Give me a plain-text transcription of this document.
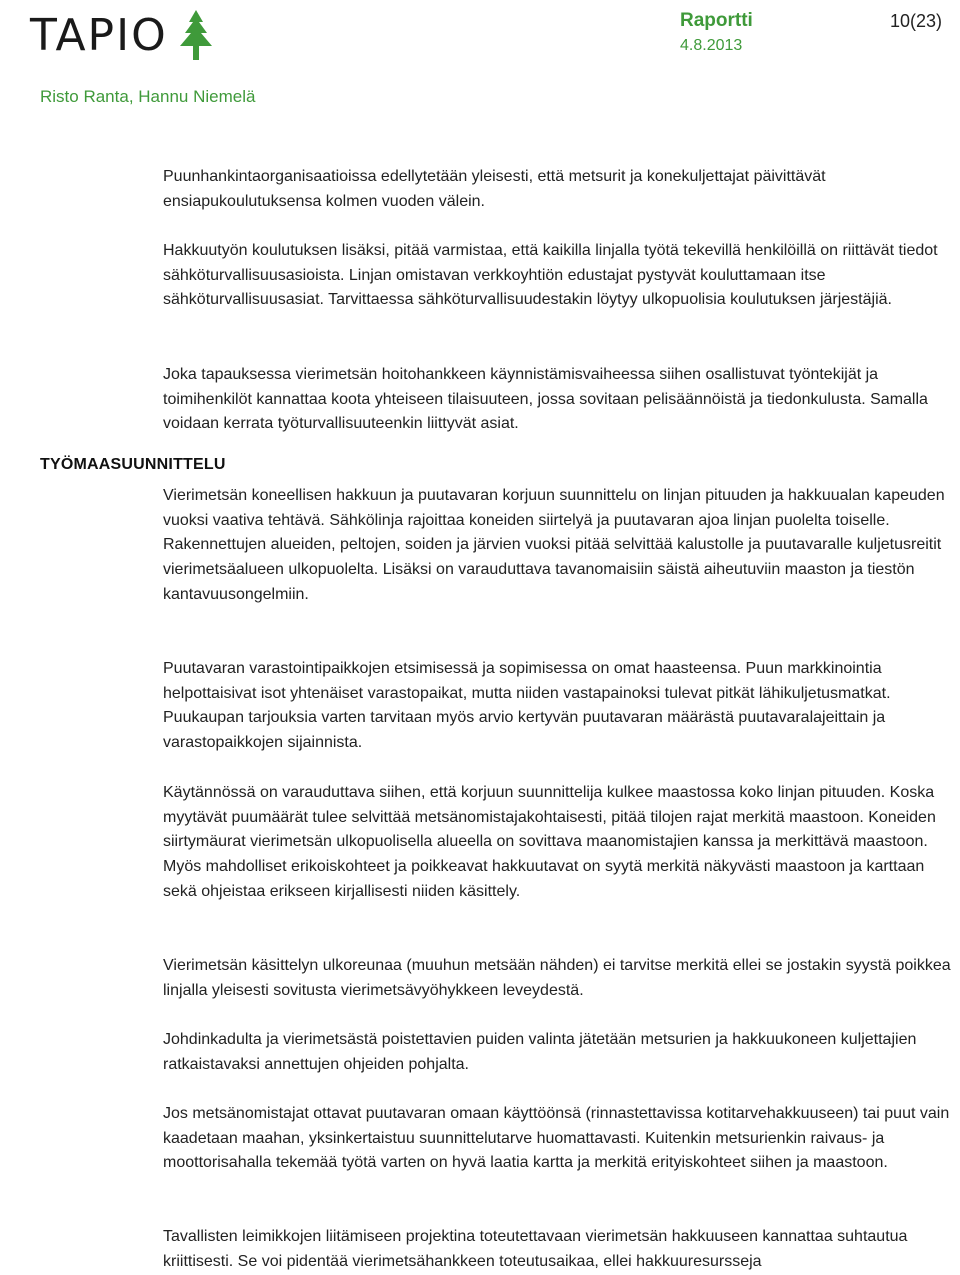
TAPIO	Raportti
4.8.2013
10(23)
Risto Ranta, Hannu Niemelä
TYÖMAASUUNNITTELU

Puunhankintaorganisaatioissa edellytetään yleisesti, että metsurit ja konekuljettajat päivittävät ensiapukoulutuksensa kolmen vuoden välein.

Hakkuutyön koulutuksen lisäksi, pitää varmistaa, että kaikilla linjalla työtä tekevillä henkilöillä on riittävät tiedot sähköturvallisuusasioista. Linjan omistavan verkkoyhtiön edustajat pystyvät kouluttamaan itse sähköturvallisuusasiat. Tarvittaessa sähköturvallisuudestakin löytyy ulkopuolisia koulutuksen järjestäjiä.

Joka tapauksessa vierimetsän hoitohankkeen käynnistämisvaiheessa siihen osallistuvat työntekijät ja toimihenkilöt kannattaa koota yhteiseen tilaisuuteen, jossa sovitaan pelisäännöistä ja tiedonkulusta. Samalla voidaan kerrata työturvallisuuteenkin liittyvät asiat.

Vierimetsän koneellisen hakkuun ja puutavaran korjuun suunnittelu on linjan pituuden ja hakkuualan kapeuden vuoksi vaativa tehtävä. Sähkölinja rajoittaa koneiden siirtelyä ja puutavaran ajoa linjan puolelta toiselle. Rakennettujen alueiden, peltojen, soiden ja järvien vuoksi pitää selvittää kalustolle ja puutavaralle kuljetusreitit vierimetsäalueen ulkopuolelta. Lisäksi on varauduttava tavanomaisiin säistä aiheutuviin maaston ja tiestön kantavuusongelmiin.

Puutavaran varastointipaikkojen etsimisessä ja sopimisessa on omat haasteensa. Puun markkinointia helpottaisivat isot yhtenäiset varastopaikat, mutta niiden vastapainoksi tulevat pitkät lähikuljetusmatkat. Puukaupan tarjouksia varten tarvitaan myös arvio kertyvän puutavaran määrästä puutavaralajeittain ja varastopaikkojen sijainnista.

Käytännössä on varauduttava siihen, että korjuun suunnittelija kulkee maastossa koko linjan pituuden. Koska myytävät puumäärät tulee selvittää metsänomistajakohtaisesti, pitää tilojen rajat merkitä maastoon. Koneiden siirtymäurat vierimetsän ulkopuolisella alueella on sovittava maanomistajien kanssa ja merkittävä maastoon. Myös mahdolliset erikoiskohteet ja poikkeavat hakkuutavat on syytä merkitä näkyvästi maastoon ja karttaan sekä ohjeistaa erikseen kirjallisesti niiden käsittely.

Vierimetsän käsittelyn ulkoreunaa (muuhun metsään nähden) ei tarvitse merkitä ellei se jostakin syystä poikkea linjalla yleisesti sovitusta vierimetsävyöhykkeen leveydestä.

Johdinkadulta ja vierimetsästä poistettavien puiden valinta jätetään metsurien ja hakkuukoneen kuljettajien ratkaistavaksi annettujen ohjeiden pohjalta.

Jos metsänomistajat ottavat puutavaran omaan käyttöönsä (rinnastettavissa kotitarvehakkuuseen) tai puut vain kaadetaan maahan, yksinkertaistuu suunnittelutarve huomattavasti. Kuitenkin metsurienkin raivaus- ja moottorisahalla tekemää työtä varten on hyvä laatia kartta ja merkitä erityiskohteet siihen ja maastoon.

Tavallisten leimikkojen liitämiseen projektina toteutettavaan vierimetsän hakkuuseen kannattaa suhtautua kriittisesti. Se voi pidentää vierimetsähankkeen toteutusaikaa, ellei hakkuuresursseja
